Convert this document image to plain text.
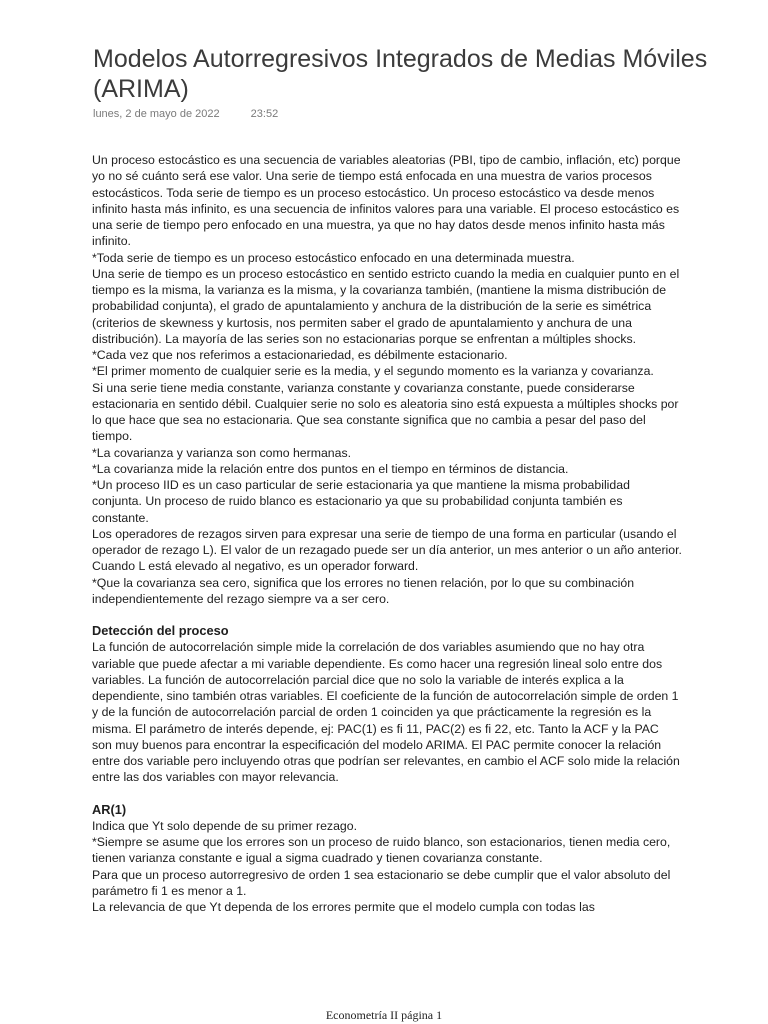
Modelos Autorregresivos Integrados de Medias Móviles (ARIMA)
lunes, 2 de mayo de 2022	23:52

Un proceso estocástico es una secuencia de variables aleatorias (PBI, tipo de cambio, inflación, etc) porque yo no sé cuánto será ese valor. Una serie de tiempo está enfocada en una muestra de varios procesos estocásticos. Toda serie de tiempo es un proceso estocástico. Un proceso estocástico va desde menos infinito hasta más infinito, es una secuencia de infinitos valores para una variable. El proceso estocástico es una serie de tiempo pero enfocado en una muestra, ya que no hay datos desde menos infinito hasta más infinito.

*Toda serie de tiempo es un proceso estocástico enfocado en una determinada muestra.

Una serie de tiempo es un proceso estocástico en sentido estricto cuando la media en cualquier punto en el tiempo es la misma, la varianza es la misma, y la covarianza también, (mantiene la misma distribución de probabilidad conjunta), el grado de apuntalamiento y anchura de la distribución de la serie es simétrica (criterios de skewness y kurtosis, nos permiten saber el grado de apuntalamiento y anchura de una distribución). La mayoría de las series son no estacionarias porque se enfrentan a múltiples shocks.

*Cada vez que nos referimos a estacionariedad, es débilmente estacionario.

*El primer momento de cualquier serie es la media, y el segundo momento es la varianza y covarianza.

Si una serie tiene media constante, varianza constante y covarianza constante, puede considerarse estacionaria en sentido débil. Cualquier serie no solo es aleatoria sino está expuesta a múltiples shocks por lo que hace que sea no estacionaria. Que sea constante significa que no cambia a pesar del paso del tiempo.

*La covarianza y varianza son como hermanas.

*La covarianza mide la relación entre dos puntos en el tiempo en términos de distancia.

*Un proceso IID es un caso particular de serie estacionaria ya que mantiene la misma probabilidad conjunta. Un proceso de ruido blanco es estacionario ya que su probabilidad conjunta también es constante.

Los operadores de rezagos sirven para expresar una serie de tiempo de una forma en particular (usando el operador de rezago L). El valor de un rezagado puede ser un día anterior, un mes anterior o un año anterior. Cuando L está elevado al negativo, es un operador forward.

*Que la covarianza sea cero, significa que los errores no tienen relación, por lo que su combinación independientemente del rezago siempre va a ser cero.

Detección del proceso

La función de autocorrelación simple mide la correlación de dos variables asumiendo que no hay otra variable que puede afectar a mi variable dependiente. Es como hacer una regresión lineal solo entre dos variables. La función de autocorrelación parcial dice que no solo la variable de interés explica a la dependiente, sino también otras variables. El coeficiente de la función de autocorrelación simple de orden 1 y de la función de autocorrelación parcial de orden 1 coinciden ya que prácticamente la regresión es la misma. El parámetro de interés depende, ej: PAC(1) es fi 11, PAC(2) es fi 22, etc. Tanto la ACF y la PAC son muy buenos para encontrar la especificación del modelo ARIMA. El PAC permite conocer la relación entre dos variable pero incluyendo otras que podrían ser relevantes, en cambio el ACF solo mide la relación entre las dos variables con mayor relevancia.

AR(1)

Indica que Yt solo depende de su primer rezago.

*Siempre se asume que los errores son un proceso de ruido blanco, son estacionarios, tienen media cero, tienen varianza constante e igual a sigma cuadrado y tienen covarianza constante.

Para que un proceso autorregresivo de orden 1 sea estacionario se debe cumplir que el valor absoluto del parámetro fi 1 es menor a 1.

La relevancia de que Yt dependa de los errores permite que el modelo cumpla con todas las

Econometría II página 1
